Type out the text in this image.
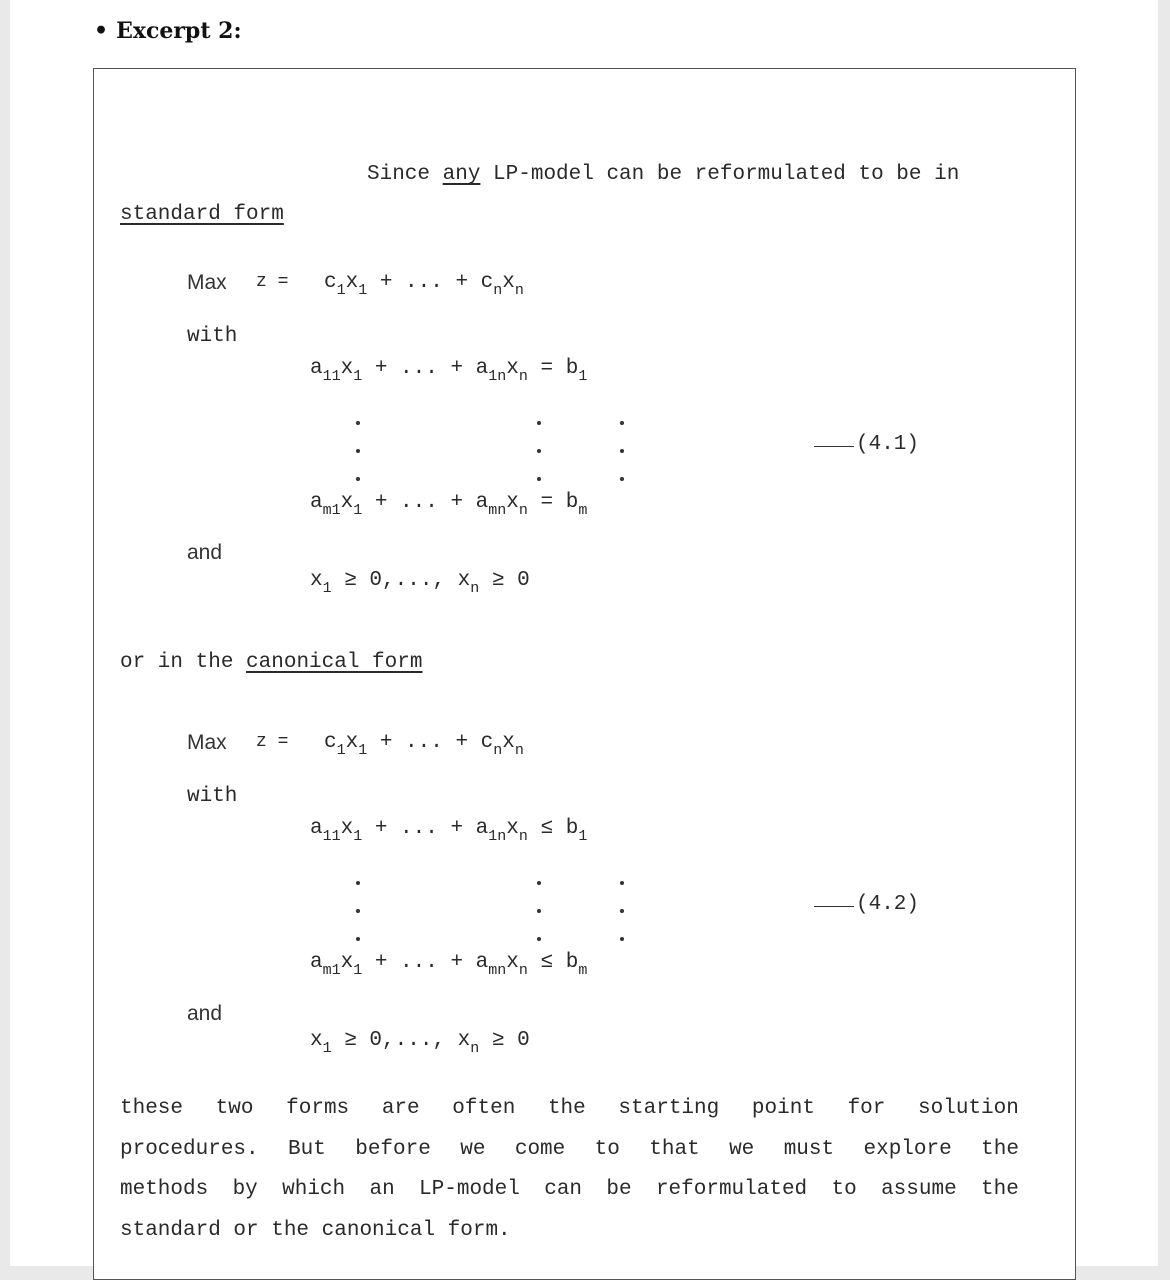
• Excerpt 2:
Since any LP-model can be reformulated to be in
standard form
Max $z = c_1x_1$ + ... + $c_nx_n$
with
$a_{11}x_1$ + ... + $a_{1n}x_n = b_1$
(4.1)
$a_{m1}x_1$ + ... + $a_{mn}x_n = b_m$
and
$x_1 \ge 0$,..., $x_n \ge 0$
or in the canonical form
Max $z = c_1x_1$ + ... + $c_nx_n$
with
$a_{11}x_1$ + ... + $a_{1n}x_n \le b_1$
(4.2)
$a_{m1}x_1$ + ... + $a_{mn}x_n \le b_m$
and
$x_1 \ge 0$,..., $x_n \ge 0$
these two forms are often the starting point for solution
procedures. But before we come to that we must explore the
methods by which an LP-model can be reformulated to assume the
standard or the canonical form.
